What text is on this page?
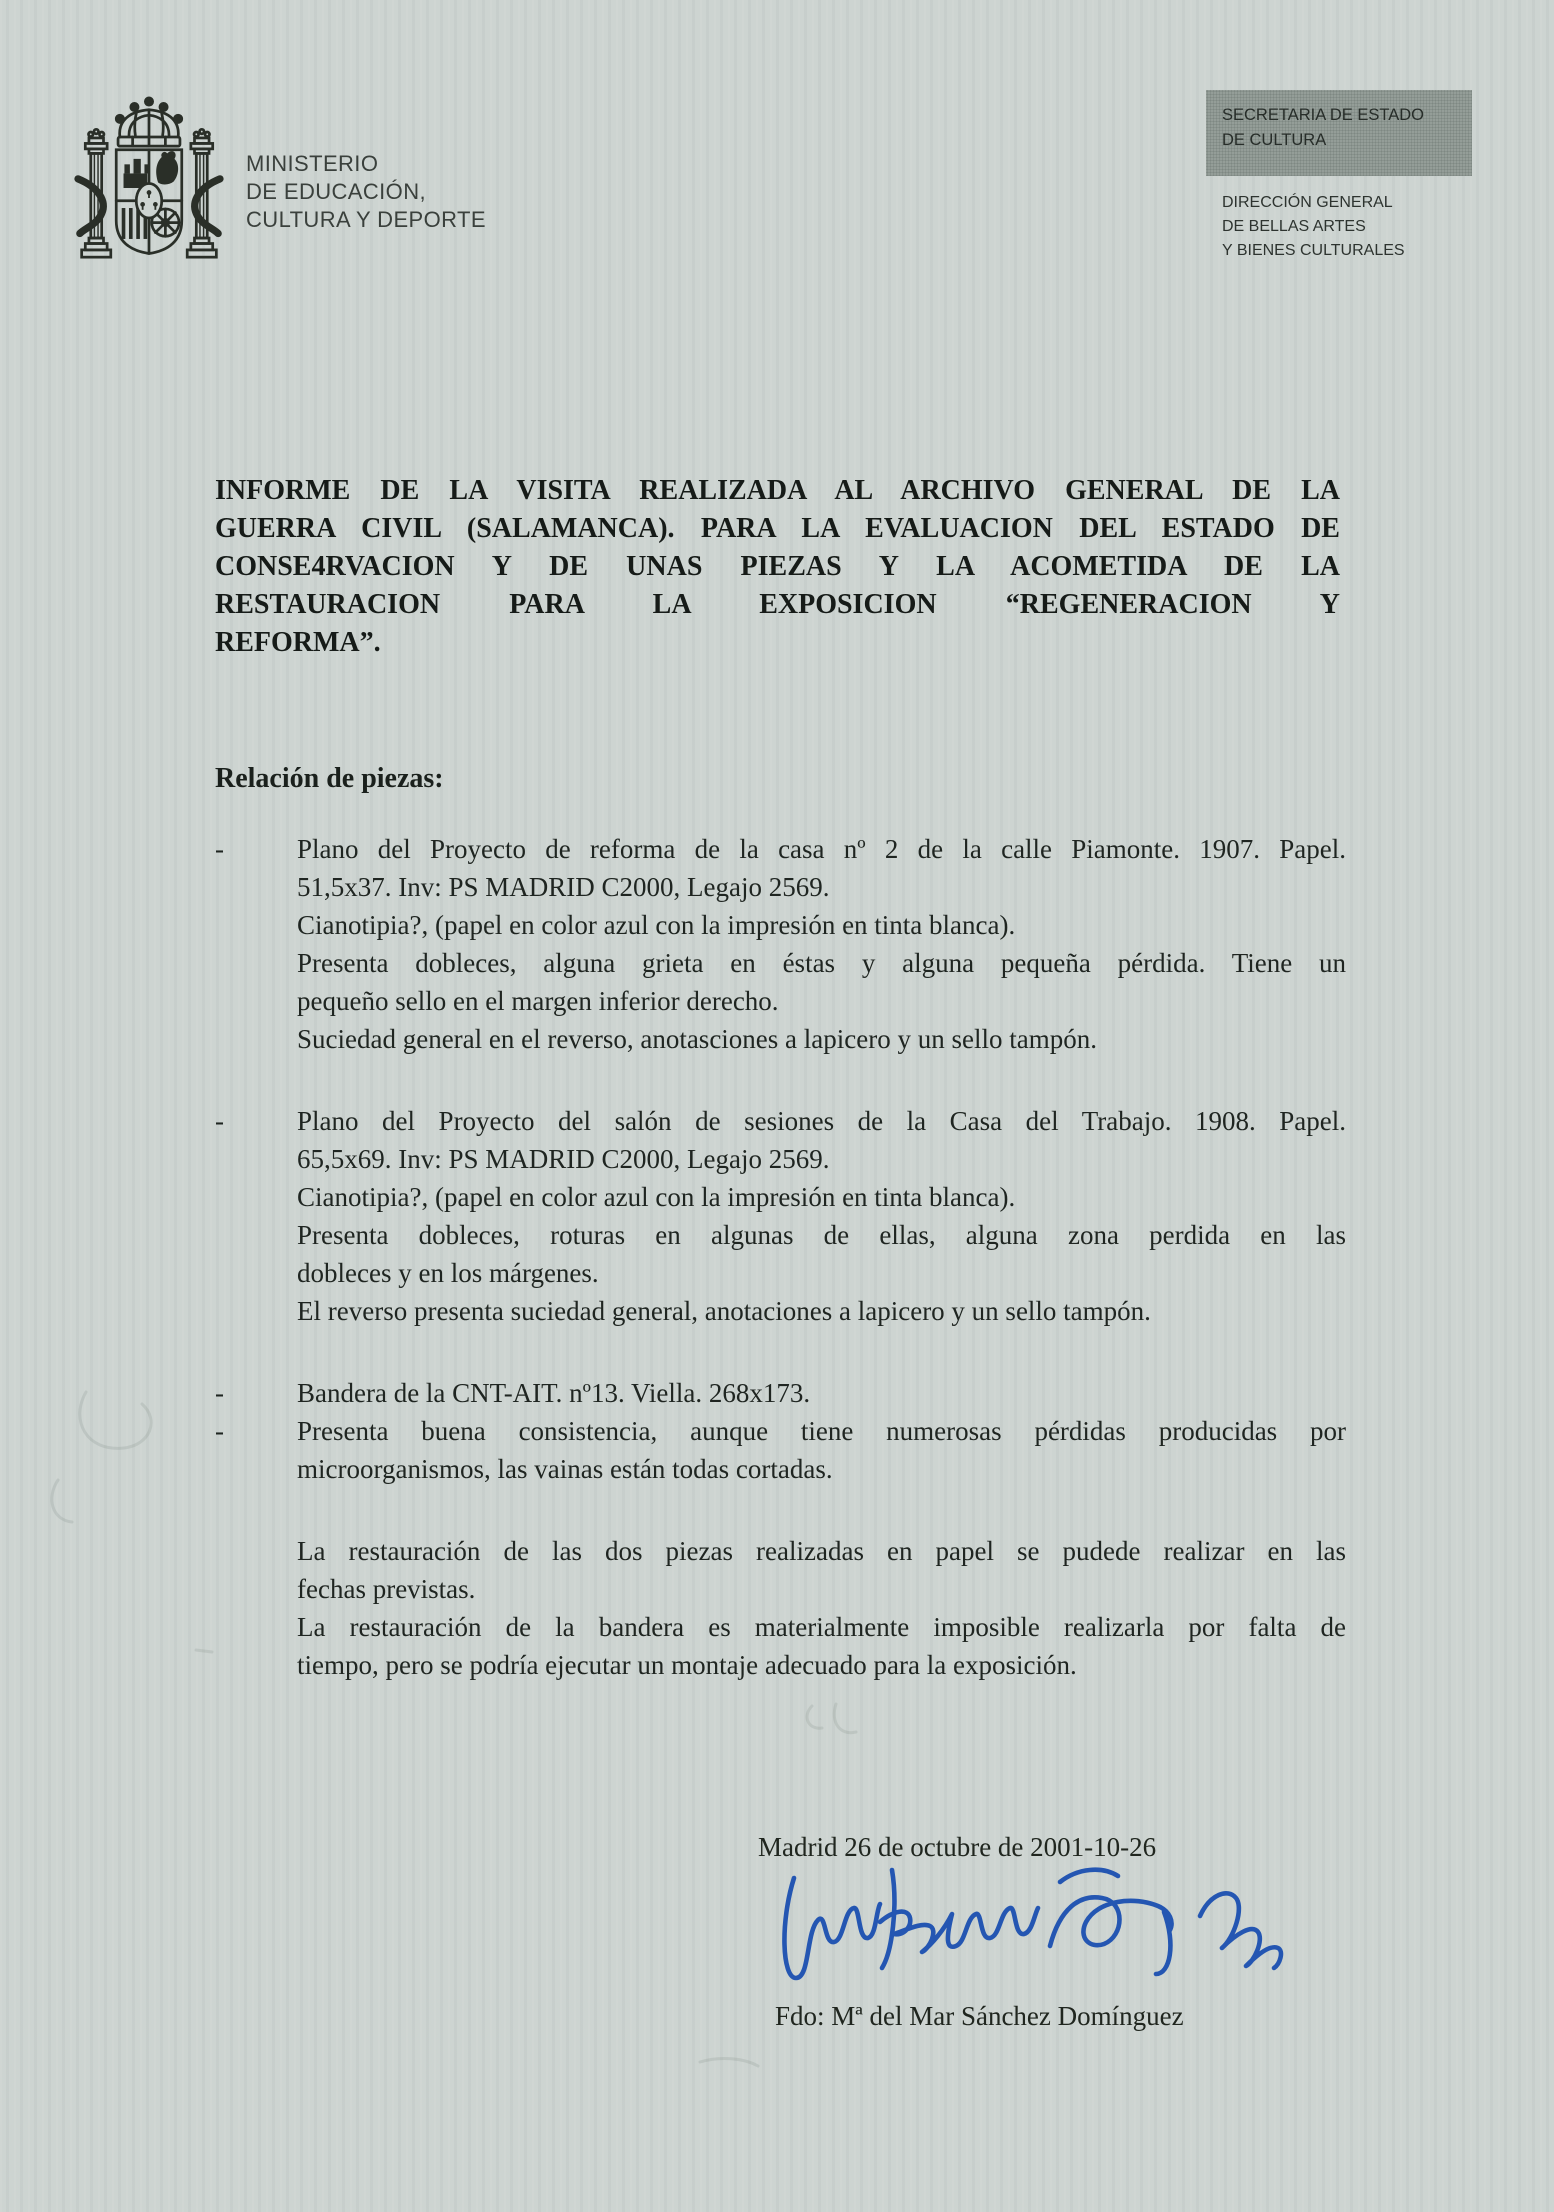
MINISTERIO
DE EDUCACIÓN,
CULTURA Y DEPORTE
SECRETARIA DE ESTADO
DE CULTURA
DIRECCIÓN GENERAL
DE BELLAS ARTES
Y BIENES CULTURALES
INFORME DE LA VISITA REALIZADA AL ARCHIVO GENERAL DE LA
GUERRA CIVIL (SALAMANCA). PARA LA EVALUACION DEL ESTADO DE
CONSE4RVACION Y DE UNAS PIEZAS Y LA ACOMETIDA DE LA
RESTAURACION PARA LA EXPOSICION “REGENERACION Y
REFORMA”.
Relación de piezas:
-	Plano del Proyecto de reforma de la casa nº 2 de la calle Piamonte. 1907. Papel.
51,5x37. Inv: PS MADRID C2000, Legajo 2569.
Cianotipia?, (papel en color azul con la impresión en tinta blanca).
Presenta dobleces, alguna grieta en éstas y alguna pequeña pérdida. Tiene un
pequeño sello en el margen inferior derecho.
Suciedad general en el reverso, anotasciones a lapicero y un sello tampón.
-	Plano del Proyecto del salón de sesiones de la Casa del Trabajo. 1908. Papel.
65,5x69. Inv: PS MADRID C2000, Legajo 2569.
Cianotipia?, (papel en color azul con la impresión en tinta blanca).
Presenta dobleces, roturas en algunas de ellas, alguna zona perdida en las
dobleces y en los márgenes.
El reverso presenta suciedad general, anotaciones a lapicero y un sello tampón.
--
Bandera de la CNT-AIT. nº13. Viella. 268x173.
Presenta buena consistencia, aunque tiene numerosas pérdidas producidas por
microorganismos, las vainas están todas cortadas.
La restauración de las dos piezas realizadas en papel se pudede realizar en las
fechas previstas.
La restauración de la bandera es materialmente imposible realizarla por falta de
tiempo, pero se podría ejecutar un montaje adecuado para la exposición.
Madrid 26 de octubre de 2001-10-26
Fdo: Mª del Mar Sánchez Domínguez
